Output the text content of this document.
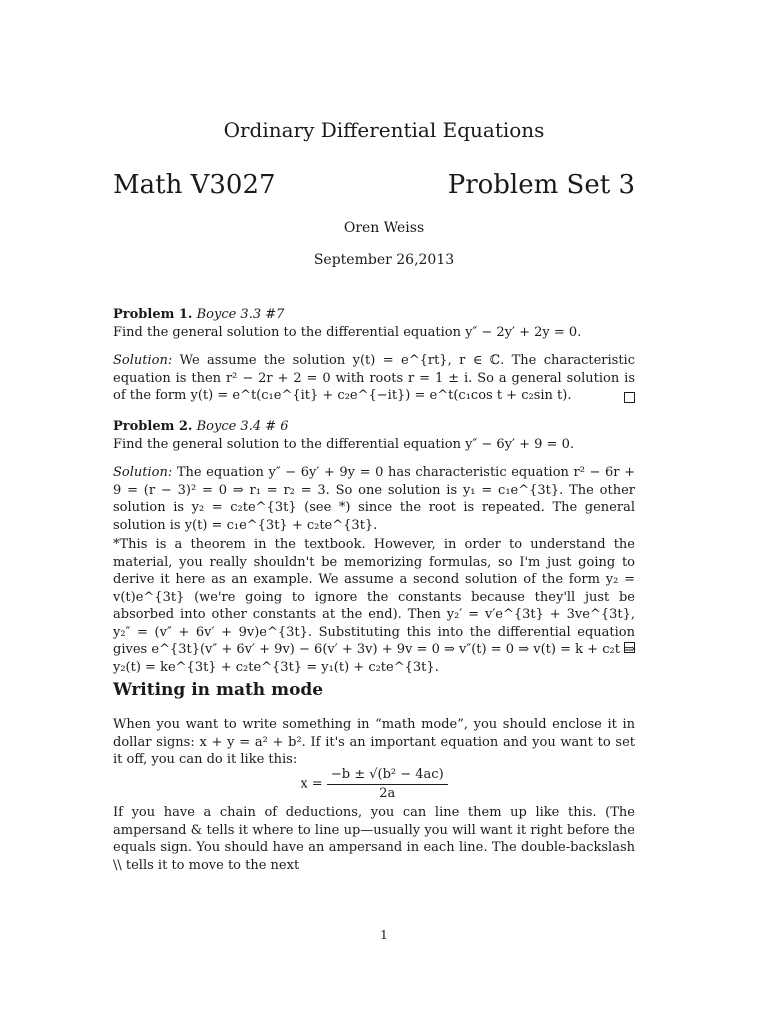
Ordinary Differential Equations
Math V3027	Problem Set 3
Oren Weiss
September 26,2013

Problem 1. Boyce 3.3 #7

Find the general solution to the differential equation y″ − 2y′ + 2y = 0.

Solution: We assume the solution y(t) = e^{rt}, r ∈ ℂ. The characteristic equation is then r² − 2r + 2 = 0 with roots r = 1 ± i. So a general solution is of the form y(t) = e^t(c₁e^{it} + c₂e^{−it}) = e^t(c₁cos t + c₂sin t).

Problem 2. Boyce 3.4 # 6

Find the general solution to the differential equation y″ − 6y′ + 9 = 0.

Solution: The equation y″ − 6y′ + 9y = 0 has characteristic equation r² − 6r + 9 = (r − 3)² = 0 ⇒ r₁ = r₂ = 3. So one solution is y₁ = c₁e^{3t}. The other solution is y₂ = c₂te^{3t} (see *) since the root is repeated. The general solution is y(t) = c₁e^{3t} + c₂te^{3t}.

*This is a theorem in the textbook. However, in order to understand the material, you really shouldn't be memorizing formulas, so I'm just going to derive it here as an example. We assume a second solution of the form y₂ = v(t)e^{3t} (we're going to ignore the constants because they'll just be absorbed into other constants at the end). Then y₂′ = v′e^{3t} + 3ve^{3t}, y₂″ = (v″ + 6v′ + 9v)e^{3t}. Substituting this into the differential equation gives e^{3t}(v″ + 6v′ + 9v) − 6(v′ + 3v) + 9v = 0 ⇒ v″(t) = 0 ⇒ v(t) = k + c₂t ⇒ y₂(t) = ke^{3t} + c₂te^{3t} = y₁(t) + c₂te^{3t}.

Writing in math mode

When you want to write something in “math mode”, you should enclose it in dollar signs: x + y = a² + b². If it's an important equation and you want to set it off, you can do it like this:

$x = \frac{\text{−b ± √(b² − 4ac)}}{2a}$

If you have a chain of deductions, you can line them up like this. (The ampersand & tells it where to line up—usually you will want it right before the equals sign. You should have an ampersand in each line. The double-backslash \\ tells it to move to the next

1
